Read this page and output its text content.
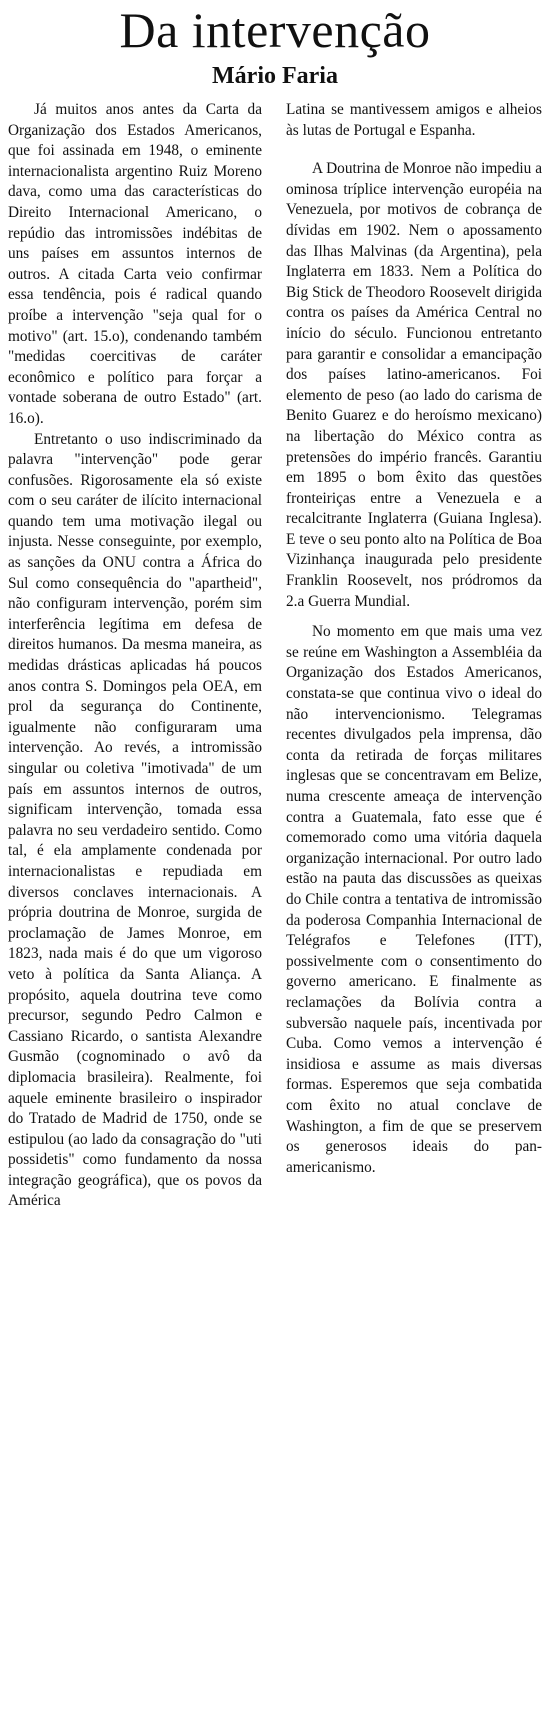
Da intervenção
Mário Faria

Já muitos anos antes da Carta da Organização dos Estados Americanos, que foi assinada em 1948, o eminente internacionalista argentino Ruiz Moreno dava, como uma das características do Direito Internacional Americano, o repúdio das intromissões indébitas de uns países em assuntos internos de outros. A citada Carta veio confirmar essa tendência, pois é radical quando proíbe a intervenção "seja qual for o motivo" (art. 15.o), condenando também "medidas coercitivas de caráter econômico e político para forçar a vontade soberana de outro Estado" (art. 16.o).

Entretanto o uso indiscriminado da palavra "intervenção" pode gerar confusões. Rigorosamente ela só existe com o seu caráter de ilícito internacional quando tem uma motivação ilegal ou injusta. Nesse conseguinte, por exemplo, as sanções da ONU contra a África do Sul como consequência do "apartheid", não configuram intervenção, porém sim interferência legítima em defesa de direitos humanos. Da mesma maneira, as medidas drásticas aplicadas há poucos anos contra S. Domingos pela OEA, em prol da segurança do Continente, igualmente não configuraram uma intervenção. Ao revés, a intromissão singular ou coletiva "imotivada" de um país em assuntos internos de outros, significam intervenção, tomada essa palavra no seu verdadeiro sentido. Como tal, é ela amplamente condenada por internacionalistas e repudiada em diversos conclaves internacionais. A própria doutrina de Monroe, surgida de proclamação de James Monroe, em 1823, nada mais é do que um vigoroso veto à política da Santa Aliança. A propósito, aquela doutrina teve como precursor, segundo Pedro Calmon e Cassiano Ricardo, o santista Alexandre Gusmão (cognominado o avô da diplomacia brasileira). Realmente, foi aquele eminente brasileiro o inspirador do Tratado de Madrid de 1750, onde se estipulou (ao lado da consagração do "uti possidetis" como fundamento da nossa integração geográfica), que os povos da América

Latina se mantivessem amigos e alheios às lutas de Portugal e Espanha.

A Doutrina de Monroe não impediu a ominosa tríplice intervenção européia na Venezuela, por motivos de cobrança de dívidas em 1902. Nem o apossamento das Ilhas Malvinas (da Argentina), pela Inglaterra em 1833. Nem a Política do Big Stick de Theodoro Roosevelt dirigida contra os países da América Central no início do século. Funcionou entretanto para garantir e consolidar a emancipação dos países latino-americanos. Foi elemento de peso (ao lado do carisma de Benito Guarez e do heroísmo mexicano) na libertação do México contra as pretensões do império francês. Garantiu em 1895 o bom êxito das questões fronteiriças entre a Venezuela e a recalcitrante Inglaterra (Guiana Inglesa). E teve o seu ponto alto na Política de Boa Vizinhança inaugurada pelo presidente Franklin Roosevelt, nos pródromos da 2.a Guerra Mundial.

No momento em que mais uma vez se reúne em Washington a Assembléia da Organização dos Estados Americanos, constata-se que continua vivo o ideal do não intervencionismo. Telegramas recentes divulgados pela imprensa, dão conta da retirada de forças militares inglesas que se concentravam em Belize, numa crescente ameaça de intervenção contra a Guatemala, fato esse que é comemorado como uma vitória daquela organização internacional. Por outro lado estão na pauta das discussões as queixas do Chile contra a tentativa de intromissão da poderosa Companhia Internacional de Telégrafos e Telefones (ITT), possivelmente com o consentimento do governo americano. E finalmente as reclamações da Bolívia contra a subversão naquele país, incentivada por Cuba. Como vemos a intervenção é insidiosa e assume as mais diversas formas. Esperemos que seja combatida com êxito no atual conclave de Washington, a fim de que se preservem os generosos ideais do pan-americanismo.
